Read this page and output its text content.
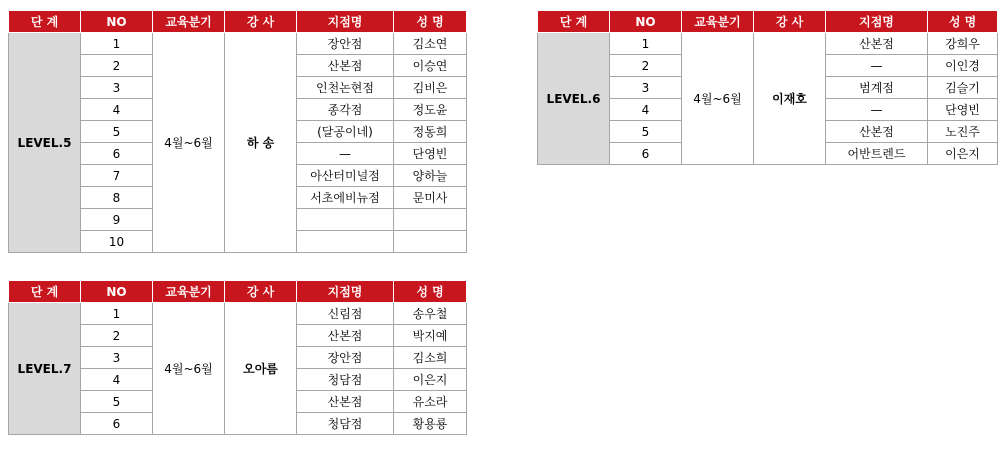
단 계	NO	교육분기	강 사	지점명	성 명
LEVEL.5	1	4월~6월	하 송	장안점	김소연
	2			산본점	이승연
	3			인천논현점	김비은
	4			종각점	정도윤
	5			(달공이네)	정동희
	6			—	단영빈
	7			아산터미널점	양하늘
	8			서초에비뉴점	문미사
	9				
	10				
단 계	NO	교육분기	강 사	지점명	성 명
LEVEL.6	1	4월~6월	이재호	산본점	강희우
	2			—	이인경
	3			범계점	김슬기
	4			—	단영빈
	5			산본점	노진주
	6			어반트렌드	이은지
단 계	NO	교육분기	강 사	지점명	성 명
LEVEL.7	1	4월~6월	오아름	신림점	송우철
	2			산본점	박지예
	3			장안점	김소희
	4			청담점	이은지
	5			산본점	유소라
	6			청담점	황용룡
